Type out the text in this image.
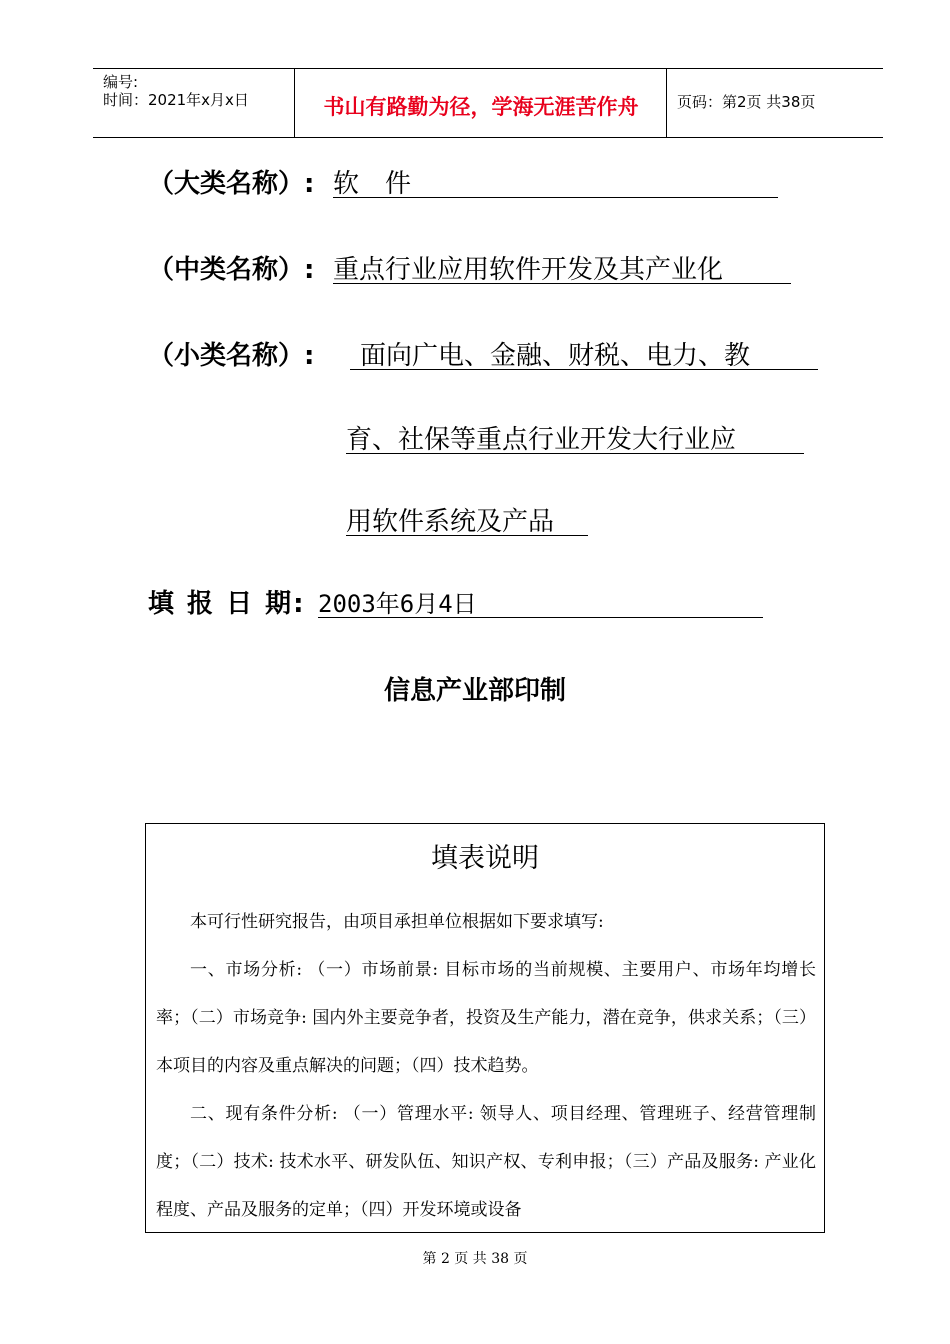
编号:
时间：2021年x月x日	书山有路勤为径，学海无涯苦作舟	页码：第2页 共38页
（大类名称）: 软　件
（中类名称）: 重点行业应用软件开发及其产业化
（小类名称）: 面向广电、金融、财税、电力、教
育、社保等重点行业开发大行业应
用软件系统及产品
填 报 日 期: 2003年6月4日
信息产业部印制
填表说明
本可行性研究报告，由项目承担单位根据如下要求填写:
一、市场分析: （一）市场前景: 目标市场的当前规模、主要用户、市场年均增长率；（二）市场竞争: 国内外主要竞争者，投资及生产能力，潜在竞争，供求关系；（三）本项目的内容及重点解决的问题；（四）技术趋势。
二、现有条件分析: （一）管理水平: 领导人、项目经理、管理班子、经营管理制度；（二）技术: 技术水平、研发队伍、知识产权、专利申报；（三）产品及服务: 产业化程度、产品及服务的定单；（四）开发环境或设备
第 2 页 共 38 页
